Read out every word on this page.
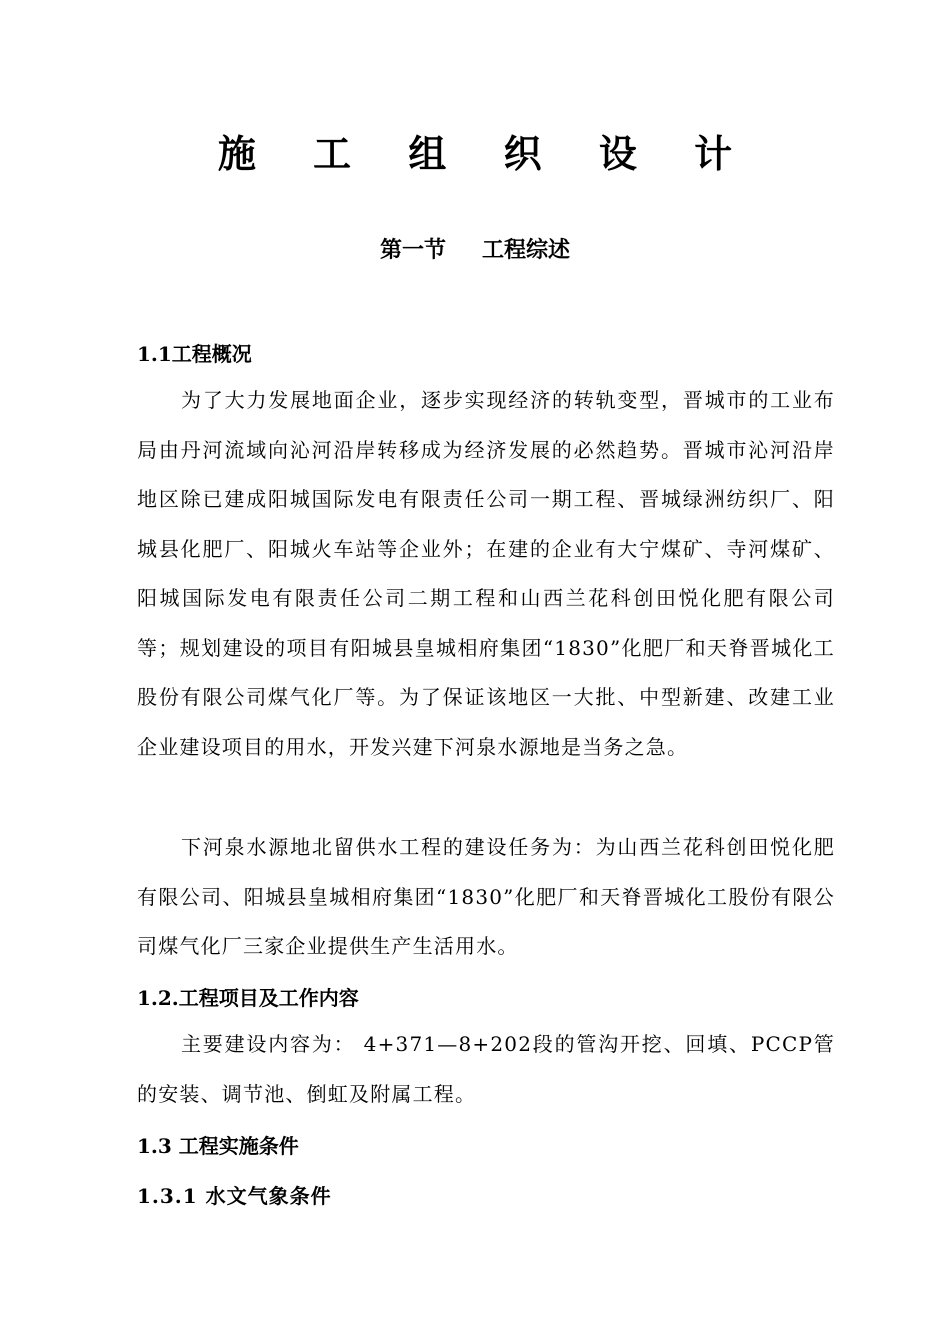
施 工 组 织 设 计
第一节 工程综述
1.1工程概况

为了大力发展地面企业，逐步实现经济的转轨变型，晋城市的工业布局由丹河流域向沁河沿岸转移成为经济发展的必然趋势。晋城市沁河沿岸地区除已建成阳城国际发电有限责任公司一期工程、晋城绿洲纺织厂、阳城县化肥厂、阳城火车站等企业外；在建的企业有大宁煤矿、寺河煤矿、阳城国际发电有限责任公司二期工程和山西兰花科创田悦化肥有限公司等；规划建设的项目有阳城县皇城相府集团“1830”化肥厂和天脊晋城化工股份有限公司煤气化厂等。为了保证该地区一大批、中型新建、改建工业企业建设项目的用水，开发兴建下河泉水源地是当务之急。

下河泉水源地北留供水工程的建设任务为：为山西兰花科创田悦化肥有限公司、阳城县皇城相府集团“1830”化肥厂和天脊晋城化工股份有限公司煤气化厂三家企业提供生产生活用水。

1.2.工程项目及工作内容

主要建设内容为： 4+371—8+202段的管沟开挖、回填、PCCP管的安装、调节池、倒虹及附属工程。

1.3 工程实施条件
1.3.1 水文气象条件
